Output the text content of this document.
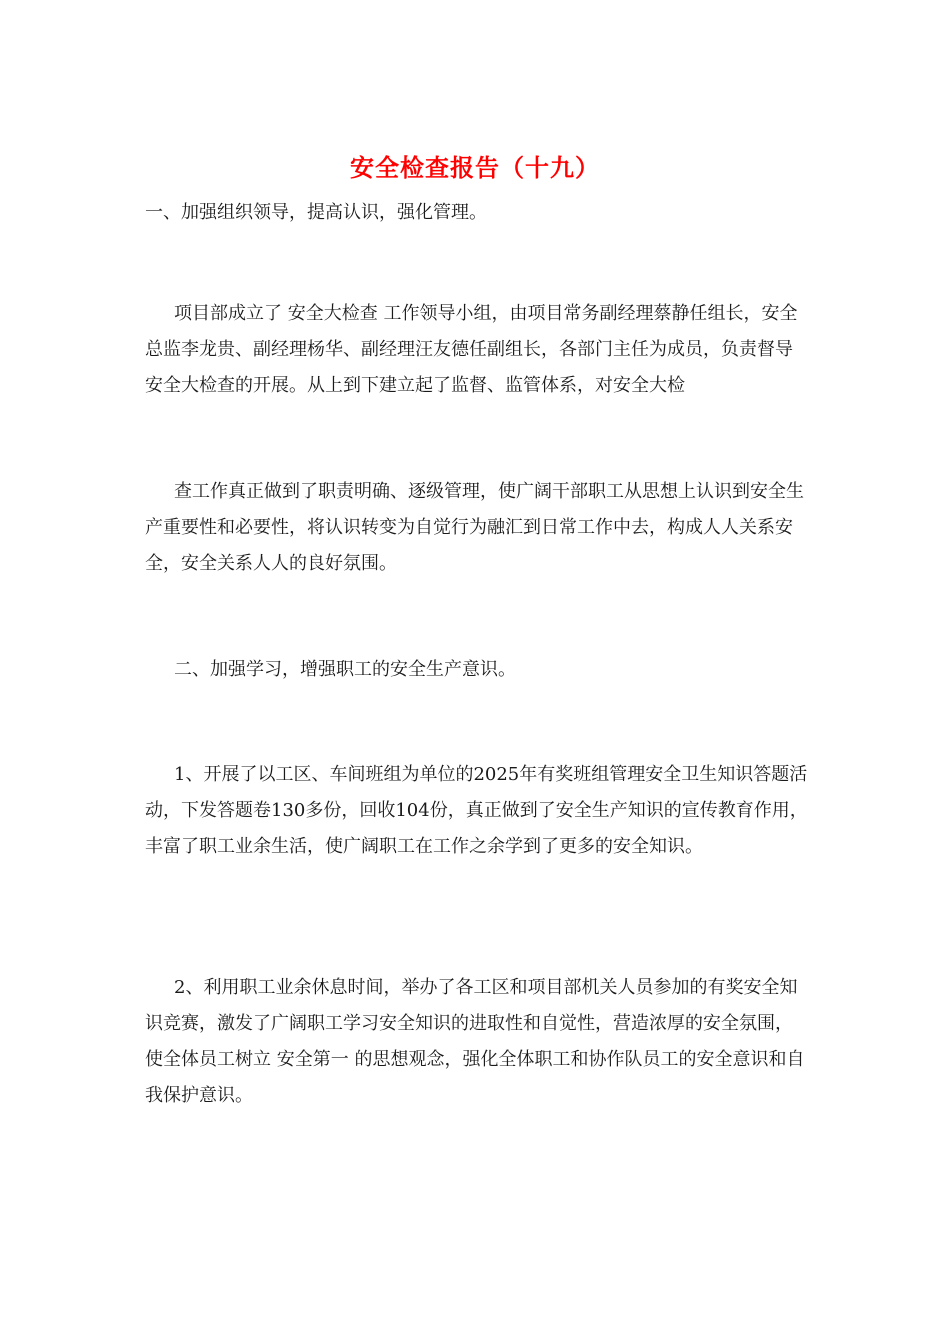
安全检查报告（十九）

一、加强组织领导，提高认识，强化管理。

项目部成立了 安全大检查 工作领导小组，由项目常务副经理蔡静任组长，安全总监李龙贵、副经理杨华、副经理汪友德任副组长，各部门主任为成员，负责督导安全大检查的开展。从上到下建立起了监督、监管体系，对安全大检

查工作真正做到了职责明确、逐级管理，使广阔干部职工从思想上认识到安全生产重要性和必要性，将认识转变为自觉行为融汇到日常工作中去，构成人人关系安全，安全关系人人的良好氛围。

二、加强学习，增强职工的安全生产意识。

1、开展了以工区、车间班组为单位的2025年有奖班组管理安全卫生知识答题活动，下发答题卷130多份，回收104份，真正做到了安全生产知识的宣传教育作用，丰富了职工业余生活，使广阔职工在工作之余学到了更多的安全知识。

2、利用职工业余休息时间，举办了各工区和项目部机关人员参加的有奖安全知识竞赛，激发了广阔职工学习安全知识的进取性和自觉性，营造浓厚的安全氛围，使全体员工树立 安全第一 的思想观念，强化全体职工和协作队员工的安全意识和自我保护意识。
